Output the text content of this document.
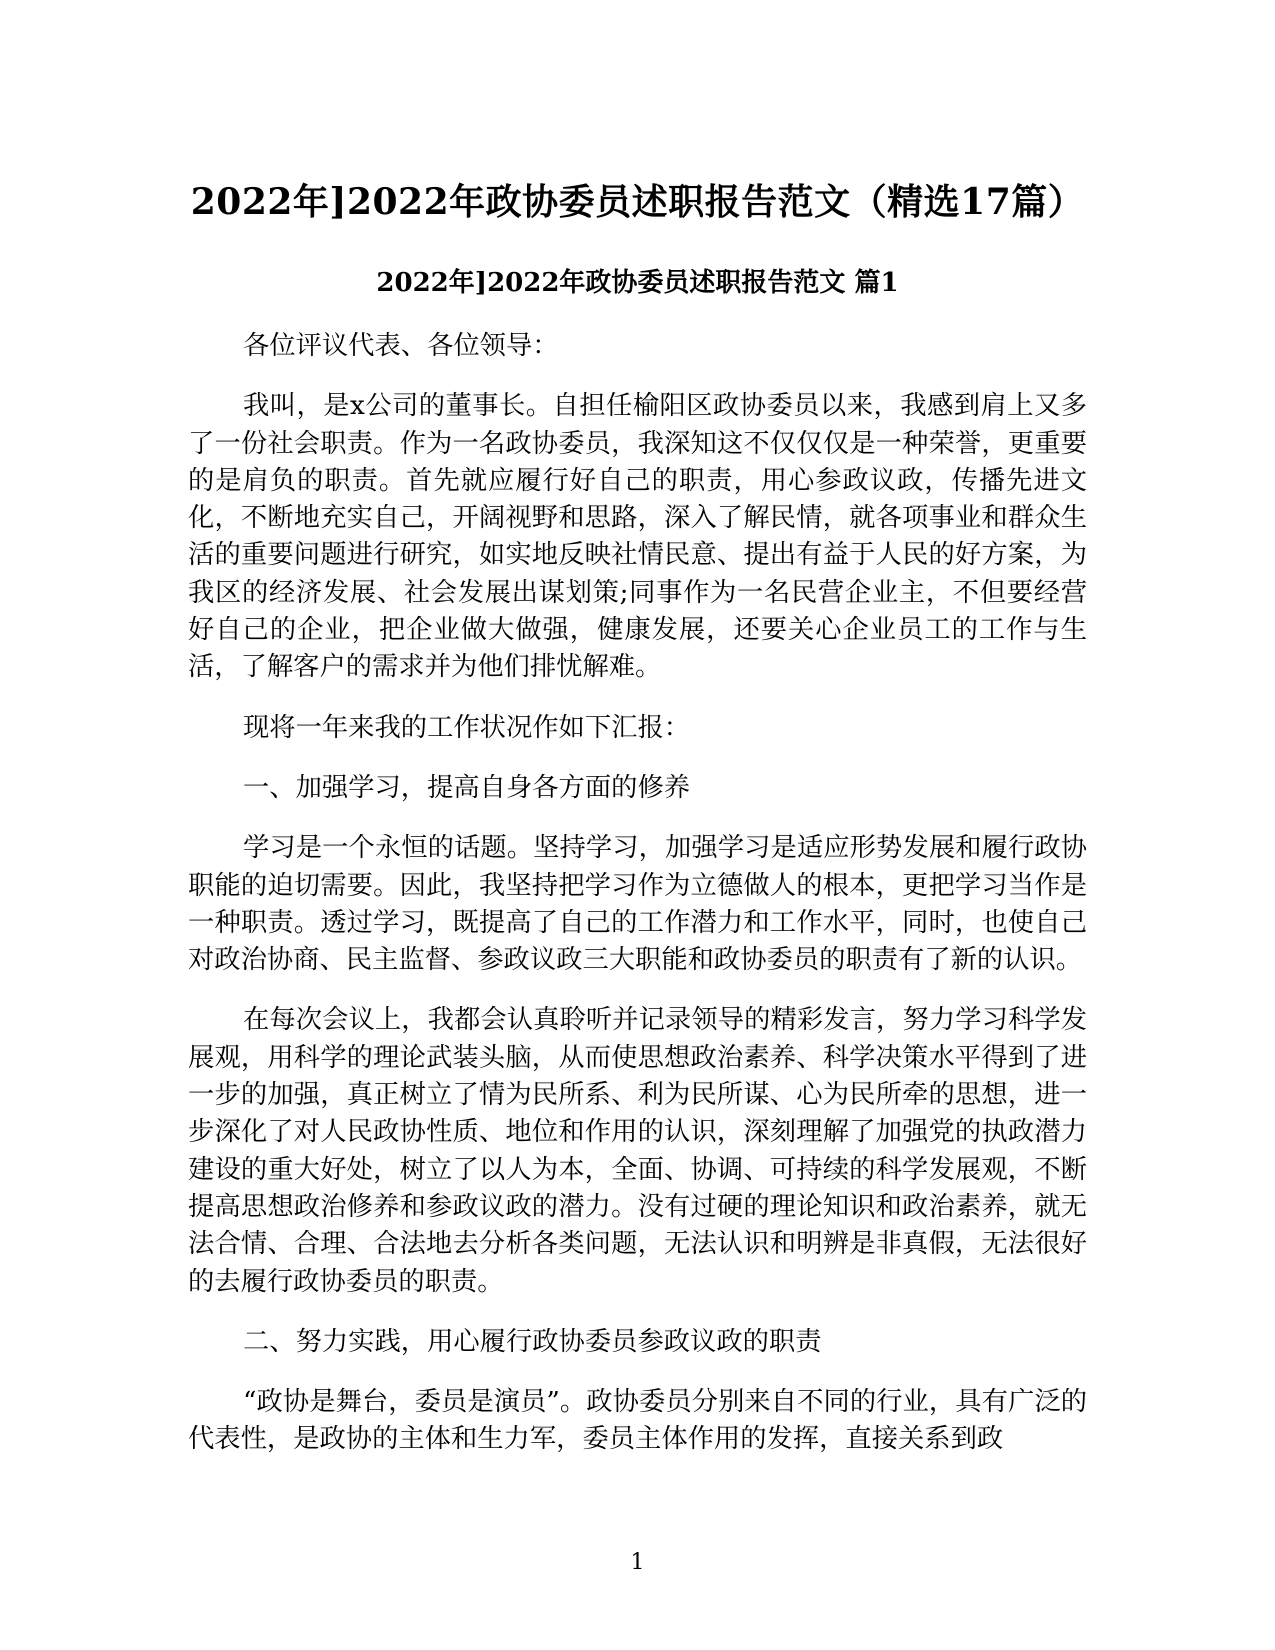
2022年]2022年政协委员述职报告范文（精选17篇）
2022年]2022年政协委员述职报告范文 篇1

各位评议代表、各位领导：

我叫，是x公司的董事长。自担任榆阳区政协委员以来，我感到肩上又多了一份社会职责。作为一名政协委员，我深知这不仅仅仅是一种荣誉，更重要的是肩负的职责。首先就应履行好自己的职责，用心参政议政，传播先进文化，不断地充实自己，开阔视野和思路，深入了解民情，就各项事业和群众生活的重要问题进行研究，如实地反映社情民意、提出有益于人民的好方案，为我区的经济发展、社会发展出谋划策;同事作为一名民营企业主，不但要经营好自己的企业，把企业做大做强，健康发展，还要关心企业员工的工作与生活，了解客户的需求并为他们排忧解难。

现将一年来我的工作状况作如下汇报：

一、加强学习，提高自身各方面的修养

学习是一个永恒的话题。坚持学习，加强学习是适应形势发展和履行政协职能的迫切需要。因此，我坚持把学习作为立德做人的根本，更把学习当作是一种职责。透过学习，既提高了自己的工作潜力和工作水平，同时，也使自己对政治协商、民主监督、参政议政三大职能和政协委员的职责有了新的认识。

在每次会议上，我都会认真聆听并记录领导的精彩发言，努力学习科学发展观，用科学的理论武装头脑，从而使思想政治素养、科学决策水平得到了进一步的加强，真正树立了情为民所系、利为民所谋、心为民所牵的思想，进一步深化了对人民政协性质、地位和作用的认识，深刻理解了加强党的执政潜力建设的重大好处，树立了以人为本，全面、协调、可持续的科学发展观，不断提高思想政治修养和参政议政的潜力。没有过硬的理论知识和政治素养，就无法合情、合理、合法地去分析各类问题，无法认识和明辨是非真假，无法很好的去履行政协委员的职责。

二、努力实践，用心履行政协委员参政议政的职责

“政协是舞台，委员是演员”。政协委员分别来自不同的行业，具有广泛的代表性，是政协的主体和生力军，委员主体作用的发挥，直接关系到政

1
